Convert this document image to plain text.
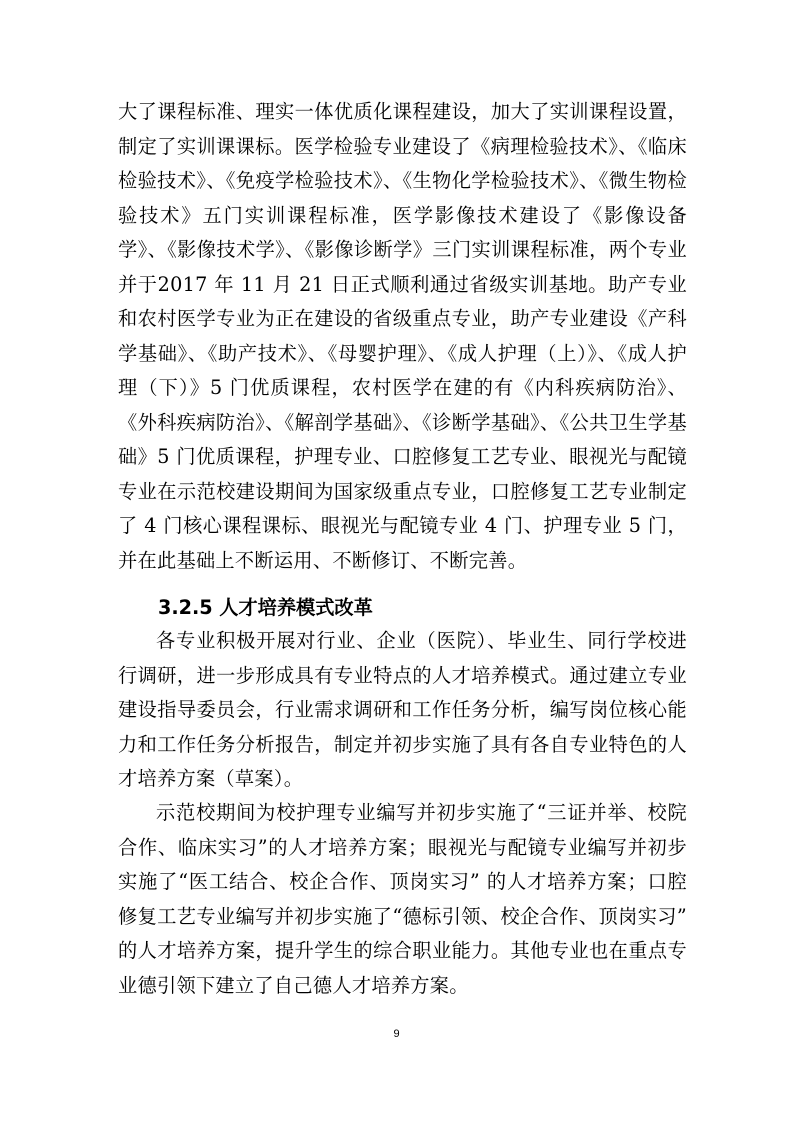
大了课程标准、理实一体优质化课程建设，加大了实训课程设置，制定了实训课课标。医学检验专业建设了《病理检验技术》、《临床检验技术》、《免疫学检验技术》、《生物化学检验技术》、《微生物检验技术》五门实训课程标准，医学影像技术建设了《影像设备学》、《影像技术学》、《影像诊断学》三门实训课程标准，两个专业并于2017 年 11 月 21 日正式顺利通过省级实训基地。助产专业和农村医学专业为正在建设的省级重点专业，助产专业建设《产科学基础》、《助产技术》、《母婴护理》、《成人护理（上）》、《成人护理（下）》5 门优质课程，农村医学在建的有《内科疾病防治》、《外科疾病防治》、《解剖学基础》、《诊断学基础》、《公共卫生学基础》5 门优质课程，护理专业、口腔修复工艺专业、眼视光与配镜专业在示范校建设期间为国家级重点专业，口腔修复工艺专业制定了 4 门核心课程课标、眼视光与配镜专业 4 门、护理专业 5 门，并在此基础上不断运用、不断修订、不断完善。

3.2.5 人才培养模式改革

各专业积极开展对行业、企业（医院）、毕业生、同行学校进行调研，进一步形成具有专业特点的人才培养模式。通过建立专业建设指导委员会，行业需求调研和工作任务分析，编写岗位核心能力和工作任务分析报告，制定并初步实施了具有各自专业特色的人才培养方案（草案）。

示范校期间为校护理专业编写并初步实施了“三证并举、校院合作、临床实习”的人才培养方案；眼视光与配镜专业编写并初步实施了“医工结合、校企合作、顶岗实习” 的人才培养方案；口腔修复工艺专业编写并初步实施了“德标引领、校企合作、顶岗实习” 的人才培养方案，提升学生的综合职业能力。其他专业也在重点专业德引领下建立了自己德人才培养方案。

9
